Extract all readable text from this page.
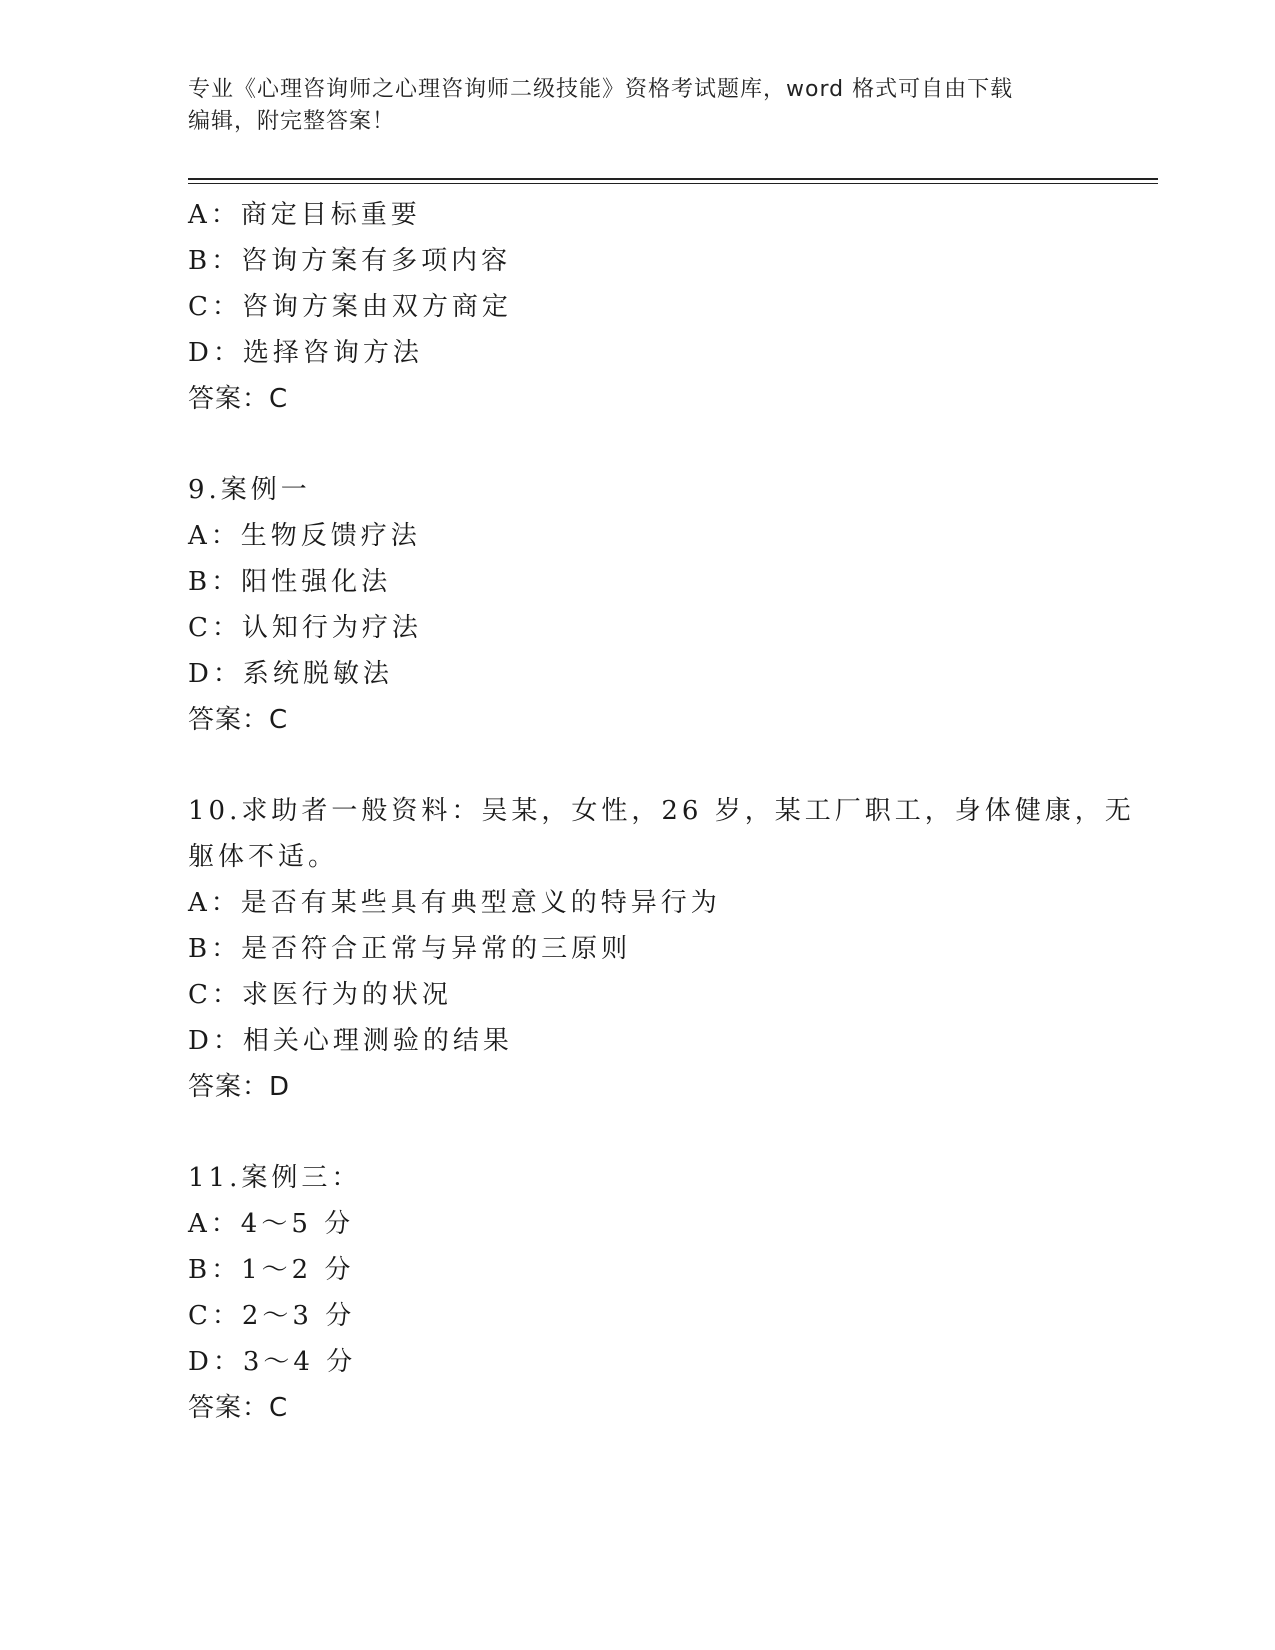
专业《心理咨询师之心理咨询师二级技能》资格考试题库，word 格式可自由下载
编辑，附完整答案！
A：商定目标重要
B：咨询方案有多项内容
C：咨询方案由双方商定
D：选择咨询方法
答案：C
9.案例一
A：生物反馈疗法
B：阳性强化法
C：认知行为疗法
D：系统脱敏法
答案：C
10.求助者一般资料：吴某，女性，26 岁，某工厂职工，身体健康，无
躯体不适。
A：是否有某些具有典型意义的特异行为
B：是否符合正常与异常的三原则
C：求医行为的状况
D：相关心理测验的结果
答案：D
11.案例三：
A：4～5 分
B：1～2 分
C：2～3 分
D：3～4 分
答案：C
